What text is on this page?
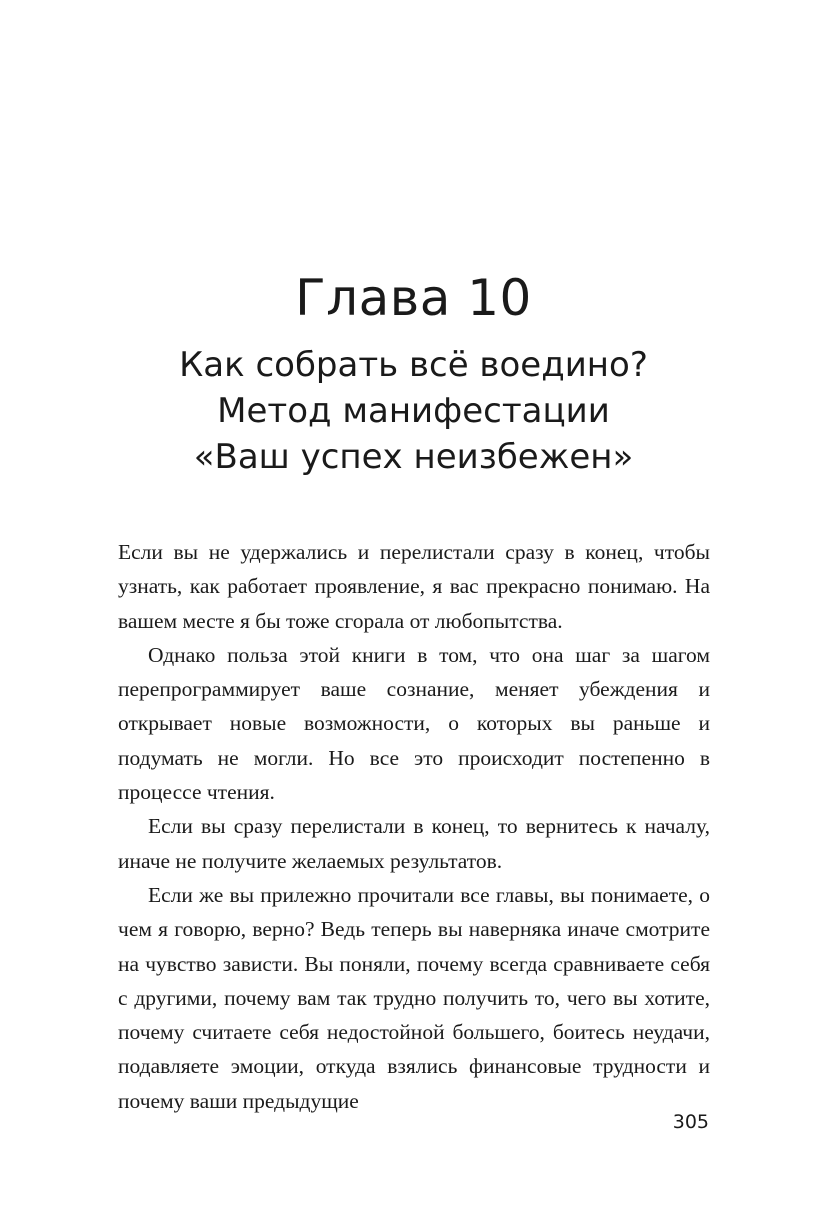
Глава 10
Как собрать всё воедино?
Метод манифестации
«Ваш успех неизбежен»

Если вы не удержались и перелистали сразу в конец, чтобы узнать, как работает проявление, я вас прекрасно понимаю. На вашем месте я бы тоже сгорала от любопытства.

Однако польза этой книги в том, что она шаг за шагом перепрограммирует ваше сознание, меняет убеждения и открывает новые возможности, о которых вы раньше и подумать не могли. Но все это происходит постепенно в процессе чтения.

Если вы сразу перелистали в конец, то вернитесь к началу, иначе не получите желаемых результатов.

Если же вы прилежно прочитали все главы, вы понимаете, о чем я говорю, верно? Ведь теперь вы наверняка иначе смотрите на чувство зависти. Вы поняли, почему всегда сравниваете себя с другими, почему вам так трудно получить то, чего вы хотите, почему считаете себя недостойной большего, боитесь неудачи, подавляете эмоции, откуда взялись финансовые трудности и почему ваши предыдущие

305
